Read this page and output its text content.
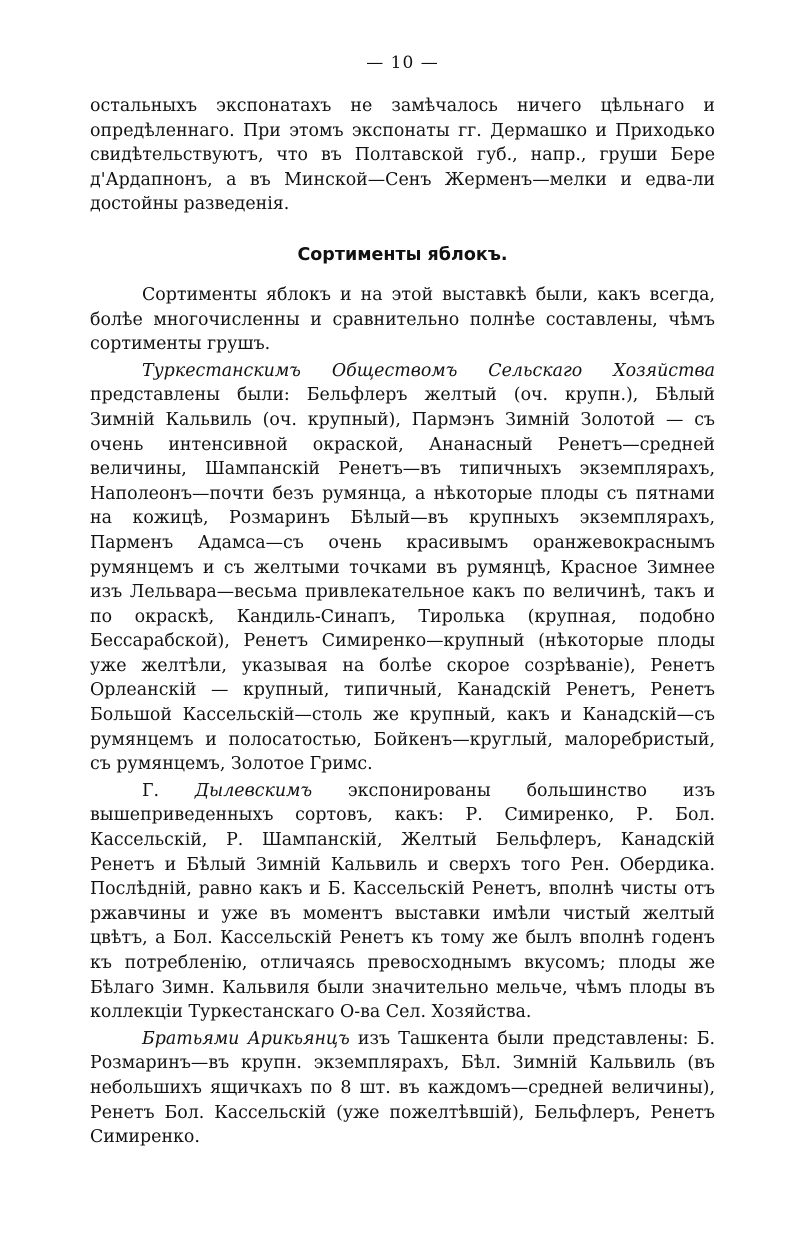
— 10 —

остальныхъ экспонатахъ не замѣчалось ничего цѣльнаго и опредѣленнаго. При этомъ экспонаты гг. Дермашко и Приходько свидѣтельствуютъ, что въ Полтавской губ., напр., груши Бере д'Ардапнонъ, а въ Минской—Сенъ Жерменъ—мелки и едва-ли достойны разведенія.

Сортименты яблокъ.

Сортименты яблокъ и на этой выставкѣ были, какъ всегда, болѣе многочисленны и сравнительно полнѣе составлены, чѣмъ сортименты грушъ.

Туркестанскимъ Обществомъ Сельскаго Хозяйства представлены были: Бельфлеръ желтый (оч. крупн.), Бѣлый Зимній Кальвиль (оч. крупный), Пармэнъ Зимній Золотой — съ очень интенсивной окраской, Ананасный Ренетъ—средней величины, Шампанскій Ренетъ—въ типичныхъ экземплярахъ, Наполеонъ—почти безъ румянца, а нѣкоторые плоды съ пятнами на кожицѣ, Розмаринъ Бѣлый—въ крупныхъ экземплярахъ, Парменъ Адамса—съ очень красивымъ оранжевокраснымъ румянцемъ и съ желтыми точками въ румянцѣ, Красное Зимнее изъ Лельвара—весьма привлекательное какъ по величинѣ, такъ и по окраскѣ, Кандиль-Синапъ, Тиролька (крупная, подобно Бессарабской), Ренетъ Симиренко—крупный (нѣкоторые плоды уже желтѣли, указывая на болѣе скорое созрѣваніе), Ренетъ Орлеанскій — крупный, типичный, Канадскій Ренетъ, Ренетъ Большой Кассельскій—столь же крупный, какъ и Канадскій—съ румянцемъ и полосатостью, Бойкенъ—круглый, малоребристый, съ румянцемъ, Золотое Гримс.

Г. Дылевскимъ экспонированы большинство изъ вышеприведенныхъ сортовъ, какъ: Р. Симиренко, Р. Бол. Кассельскій, Р. Шампанскій, Желтый Бельфлеръ, Канадскій Ренетъ и Бѣлый Зимній Кальвиль и сверхъ того Рен. Обердика. Послѣдній, равно какъ и Б. Кассельскій Ренетъ, вполнѣ чисты отъ ржавчины и уже въ моментъ выставки имѣли чистый желтый цвѣтъ, а Бол. Кассельскій Ренетъ къ тому же былъ вполнѣ годенъ къ потребленію, отличаясь превосходнымъ вкусомъ; плоды же Бѣлаго Зимн. Кальвиля были значительно мельче, чѣмъ плоды въ коллекціи Туркестанскаго О-ва Сел. Хозяйства.

Братьями Арикьянцъ изъ Ташкента были представлены: Б. Розмаринъ—въ крупн. экземплярахъ, Бѣл. Зимній Кальвиль (въ небольшихъ ящичкахъ по 8 шт. въ каждомъ—средней величины), Ренетъ Бол. Кассельскій (уже пожелтѣвшій), Бельфлеръ, Ренетъ Симиренко.
